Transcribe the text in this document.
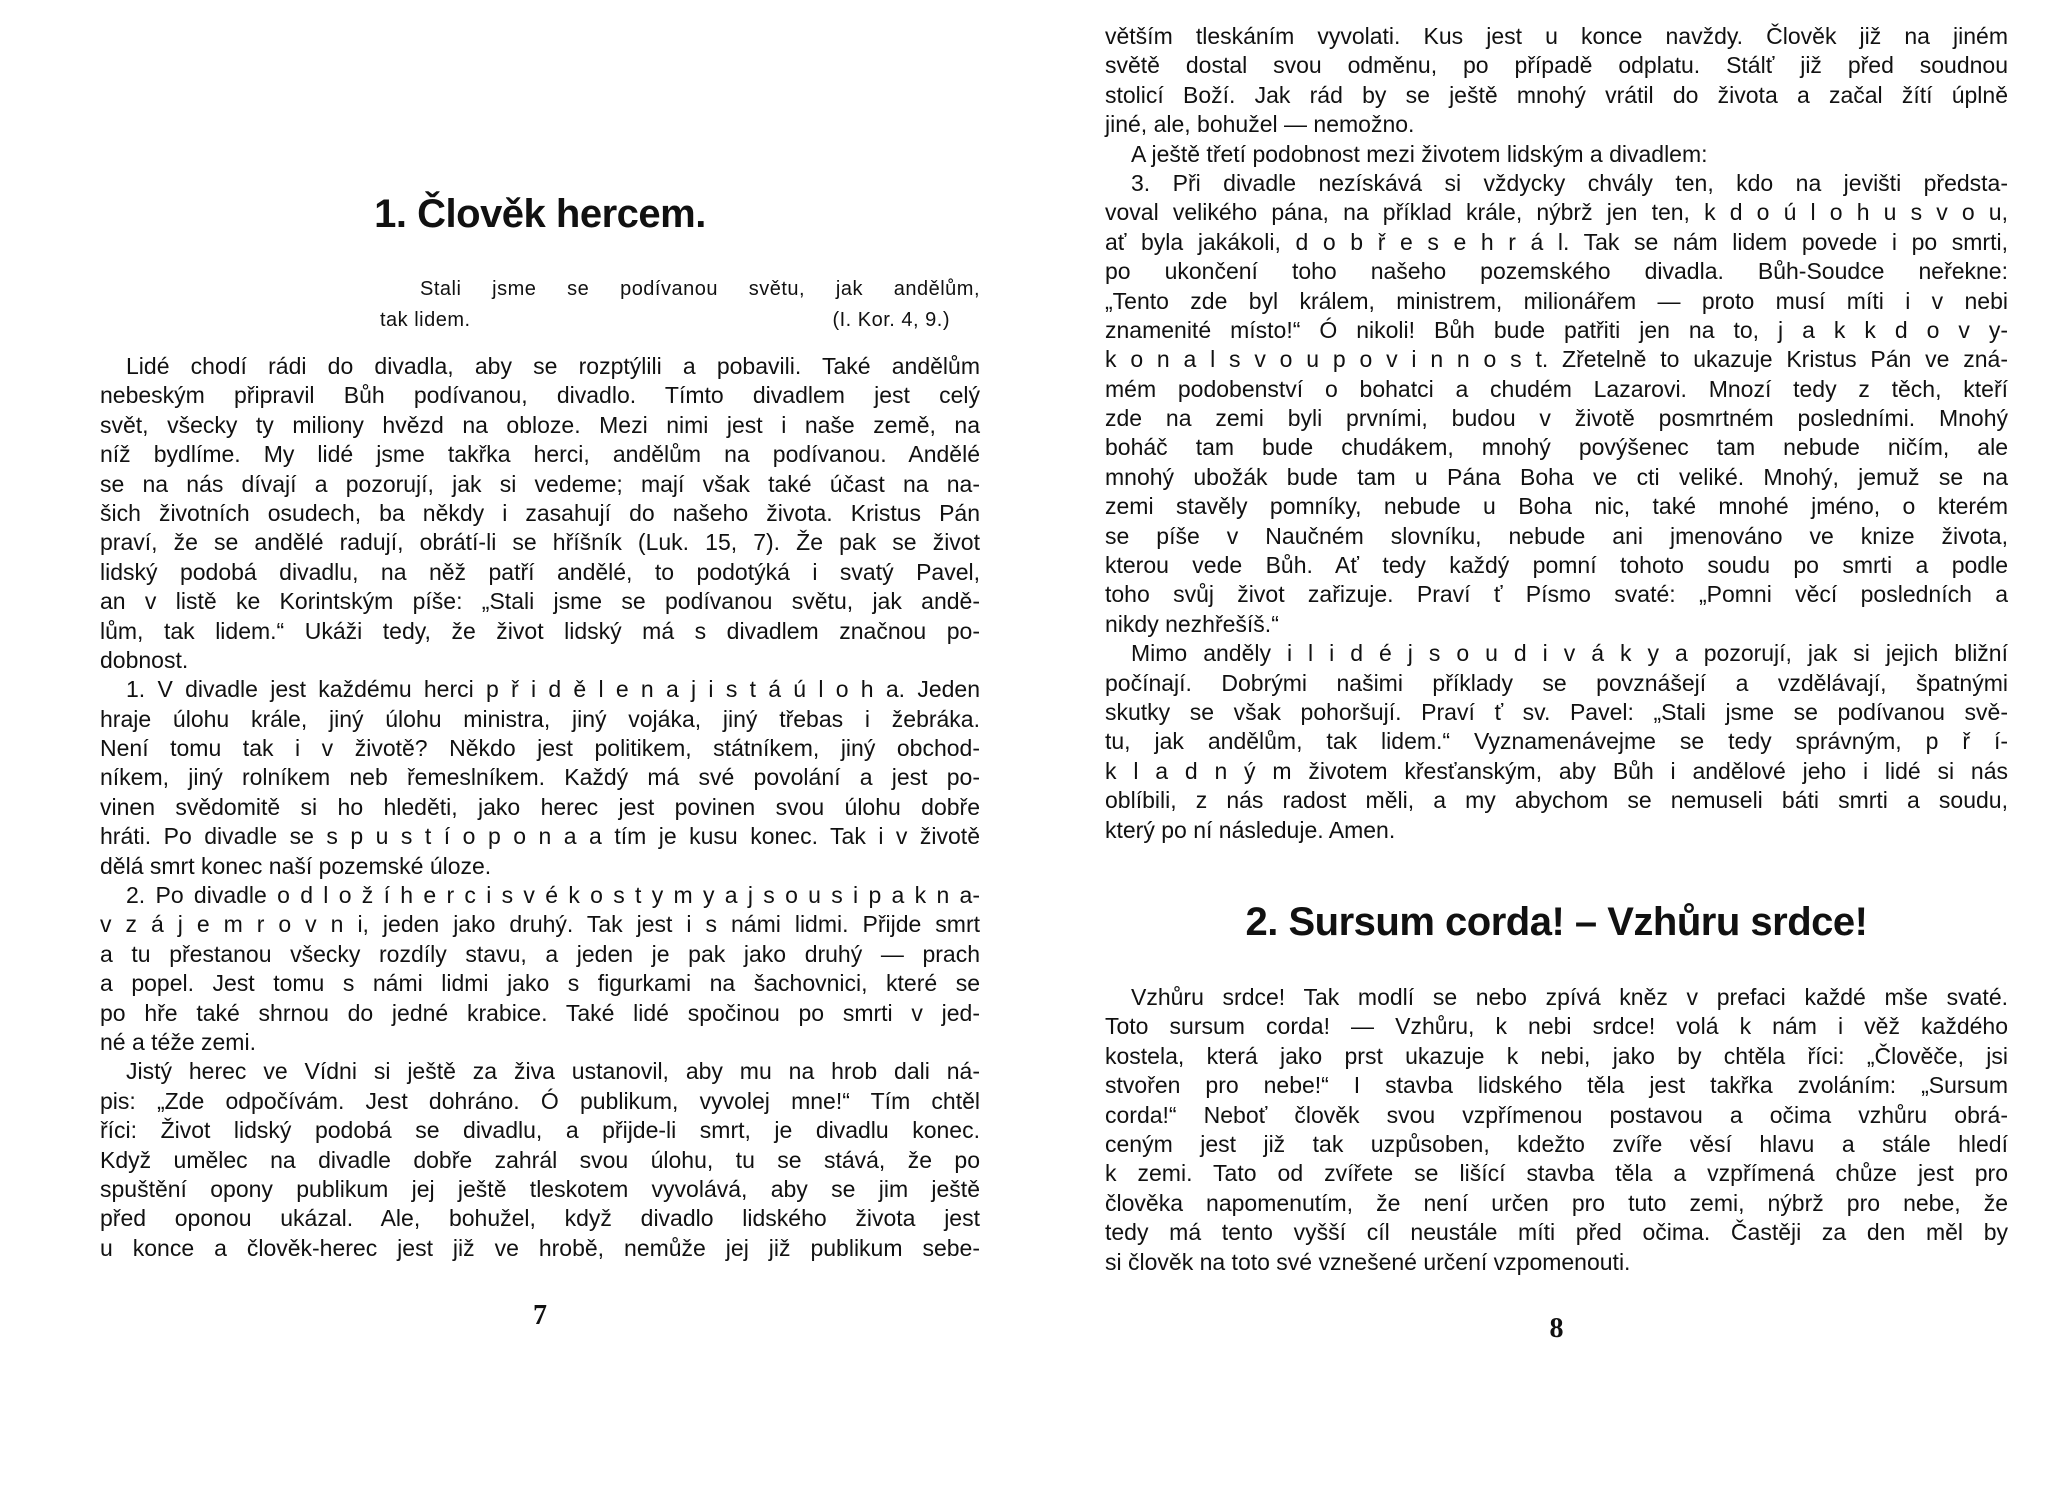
1. Člověk hercem.
Stali jsme se podívanou světu, jak andělům,
tak lidem.	(I. Kor. 4, 9.)
Lidé chodí rádi do divadla, aby se rozptýlili a pobavili. Také andělům
nebeským připravil Bůh podívanou, divadlo. Tímto divadlem jest celý
svět, všecky ty miliony hvězd na obloze. Mezi nimi jest i naše země, na
níž bydlíme. My lidé jsme takřka herci, andělům na podívanou. Andělé
se na nás dívají a pozorují, jak si vedeme; mají však také účast na na-
šich životních osudech, ba někdy i zasahují do našeho života. Kristus Pán
praví, že se andělé radují, obrátí-li se hříšník (Luk. 15, 7). Že pak se život
lidský podobá divadlu, na něž patří andělé, to podotýká i svatý Pavel,
an v listě ke Korintským píše: „Stali jsme se podívanou světu, jak andě-
lům, tak lidem.“ Ukáži tedy, že život lidský má s divadlem značnou po-
dobnost.
1. V divadle jest každému herci p ř i d ě l e n a j i s t á ú l o h a. Jeden
hraje úlohu krále, jiný úlohu ministra, jiný vojáka, jiný třebas i žebráka.
Není tomu tak i v životě? Někdo jest politikem, státníkem, jiný obchod-
níkem, jiný rolníkem neb řemeslníkem. Každý má své povolání a jest po-
vinen svědomitě si ho hleděti, jako herec jest povinen svou úlohu dobře
hráti. Po divadle se s p u s t í o p o n a a tím je kusu konec. Tak i v životě
dělá smrt konec naší pozemské úloze.
2. Po divadle o d l o ž í h e r c i s v é k o s t y m y a j s o u s i p a k n a-
v z á j e m r o v n i, jeden jako druhý. Tak jest i s námi lidmi. Přijde smrt
a tu přestanou všecky rozdíly stavu, a jeden je pak jako druhý — prach
a popel. Jest tomu s námi lidmi jako s figurkami na šachovnici, které se
po hře také shrnou do jedné krabice. Také lidé spočinou po smrti v jed-
né a téže zemi.
Jistý herec ve Vídni si ještě za živa ustanovil, aby mu na hrob dali ná-
pis: „Zde odpočívám. Jest dohráno. Ó publikum, vyvolej mne!“ Tím chtěl
říci: Život lidský podobá se divadlu, a přijde-li smrt, je divadlu konec.
Když umělec na divadle dobře zahrál svou úlohu, tu se stává, že po
spuštění opony publikum jej ještě tleskotem vyvolává, aby se jim ještě
před oponou ukázal. Ale, bohužel, když divadlo lidského života jest
u konce a člověk-herec jest již ve hrobě, nemůže jej již publikum sebe-
7
větším tleskáním vyvolati. Kus jest u konce navždy. Člověk již na jiném
světě dostal svou odměnu, po případě odplatu. Stálť již před soudnou
stolicí Boží. Jak rád by se ještě mnohý vrátil do života a začal žítí úplně
jiné, ale, bohužel — nemožno.
A ještě třetí podobnost mezi životem lidským a divadlem:
3. Při divadle nezískává si vždycky chvály ten, kdo na jevišti předsta-
voval velikého pána, na příklad krále, nýbrž jen ten, k d o ú l o h u s v o u,
ať byla jakákoli, d o b ř e s e h r á l. Tak se nám lidem povede i po smrti,
po ukončení toho našeho pozemského divadla. Bůh-Soudce neřekne:
„Tento zde byl králem, ministrem, milionářem — proto musí míti i v nebi
znamenité místo!“ Ó nikoli! Bůh bude patřiti jen na to, j a k k d o v y-
k o n a l s v o u p o v i n n o s t. Zřetelně to ukazuje Kristus Pán ve zná-
mém podobenství o bohatci a chudém Lazarovi. Mnozí tedy z těch, kteří
zde na zemi byli prvními, budou v životě posmrtném posledními. Mnohý
boháč tam bude chudákem, mnohý povýšenec tam nebude ničím, ale
mnohý ubožák bude tam u Pána Boha ve cti veliké. Mnohý, jemuž se na
zemi stavěly pomníky, nebude u Boha nic, také mnohé jméno, o kterém
se píše v Naučném slovníku, nebude ani jmenováno ve knize života,
kterou vede Bůh. Ať tedy každý pomní tohoto soudu po smrti a podle
toho svůj život zařizuje. Praví ť Písmo svaté: „Pomni věcí posledních a
nikdy nezhřešíš.“
Mimo anděly i l i d é j s o u d i v á k y a pozorují, jak si jejich bližní
počínají. Dobrými našimi příklady se povznášejí a vzdělávají, špatnými
skutky se však pohoršují. Praví ť sv. Pavel: „Stali jsme se podívanou svě-
tu, jak andělům, tak lidem.“ Vyznamenávejme se tedy správným, p ř í-
k l a d n ý m životem křesťanským, aby Bůh i andělové jeho i lidé si nás
oblíbili, z nás radost měli, a my abychom se nemuseli báti smrti a soudu,
který po ní následuje. Amen.
2. Sursum corda! – Vzhůru srdce!
Vzhůru srdce! Tak modlí se nebo zpívá kněz v prefaci každé mše svaté.
Toto sursum corda! — Vzhůru, k nebi srdce! volá k nám i věž každého
kostela, která jako prst ukazuje k nebi, jako by chtěla říci: „Člověče, jsi
stvořen pro nebe!“ I stavba lidského těla jest takřka zvoláním: „Sursum
corda!“ Neboť člověk svou vzpřímenou postavou a očima vzhůru obrá-
ceným jest již tak uzpůsoben, kdežto zvíře věsí hlavu a stále hledí
k zemi. Tato od zvířete se lišící stavba těla a vzpřímená chůze jest pro
člověka napomenutím, že není určen pro tuto zemi, nýbrž pro nebe, že
tedy má tento vyšší cíl neustále míti před očima. Častěji za den měl by
si člověk na toto své vznešené určení vzpomenouti.
8
